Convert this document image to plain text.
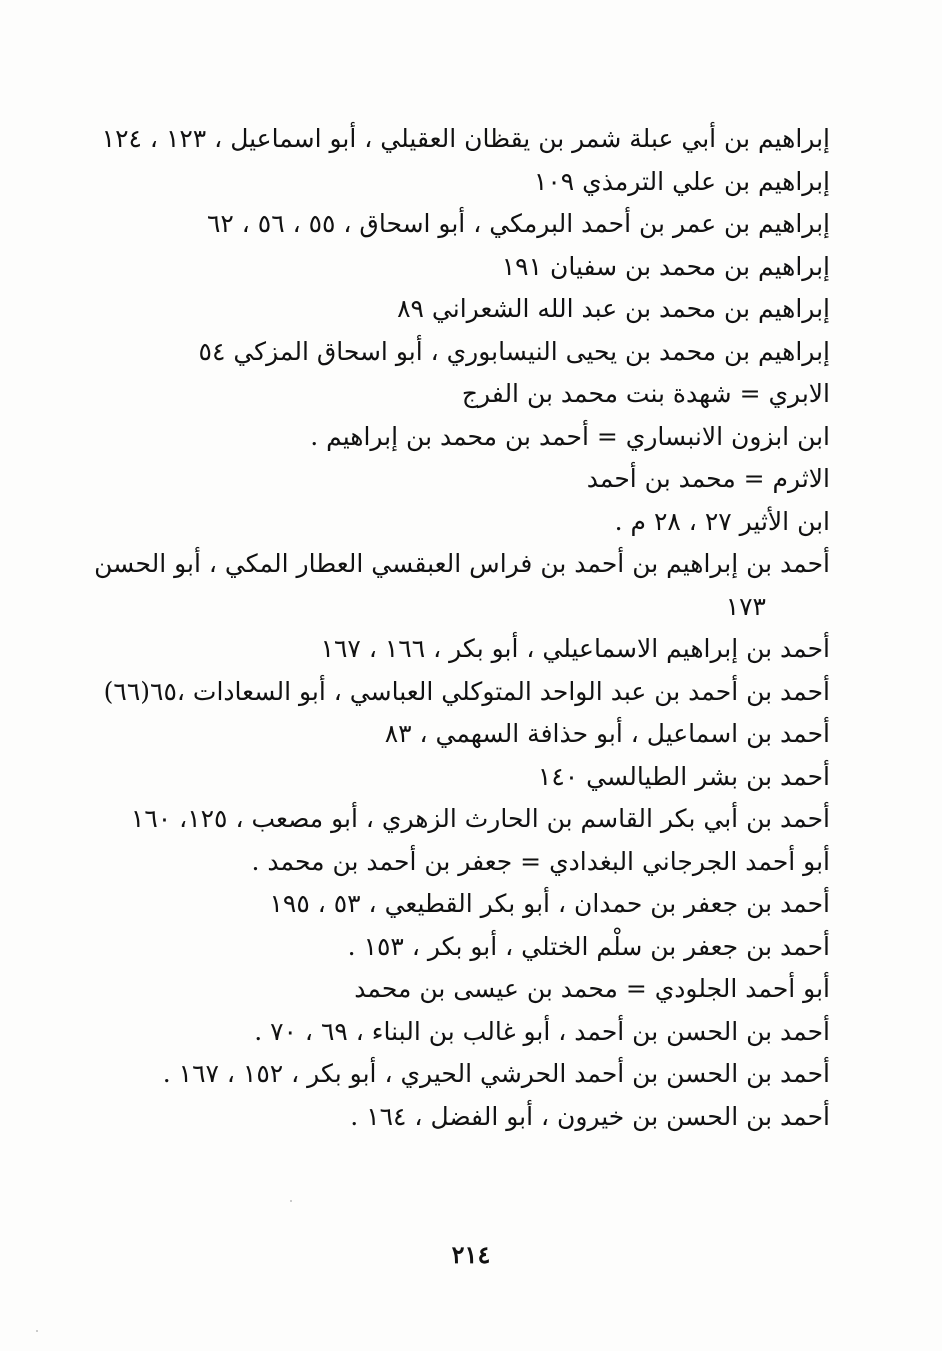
إبراهيم بن أبي عبلة شمر بن يقظان العقيلي ، أبو اسماعيل ، ١٢٣ ، ١٢٤
إبراهيم بن علي الترمذي ١٠٩
إبراهيم بن عمر بن أحمد البرمكي ، أبو اسحاق ، ٥٥ ، ٥٦ ، ٦٢
إبراهيم بن محمد بن سفيان ١٩١
إبراهيم بن محمد بن عبد الله الشعراني ٨٩
إبراهيم بن محمد بن يحيى النيسابوري ، أبو اسحاق المزكي ٥٤
الابري = شهدة بنت محمد بن الفرج
ابن ابزون الانبساري = أحمد بن محمد بن إبراهيم .
الاثرم = محمد بن أحمد
ابن الأثير ٢٧ ، ٢٨ م .
أحمد بن إبراهيم بن أحمد بن فراس العبقسي العطار المكي ، أبو الحسن
١٧٣
أحمد بن إبراهيم الاسماعيلي ، أبو بكر ، ١٦٦ ، ١٦٧
أحمد بن أحمد بن عبد الواحد المتوكلي العباسي ، أبو السعادات ،٦٥(٦٦)
أحمد بن اسماعيل ، أبو حذافة السهمي ، ٨٣
أحمد بن بشر الطيالسي ١٤٠
أحمد بن أبي بكر القاسم بن الحارث الزهري ، أبو مصعب ، ١٢٥، ١٦٠
أبو أحمد الجرجاني البغدادي = جعفر بن أحمد بن محمد .
أحمد بن جعفر بن حمدان ، أبو بكر القطيعي ، ٥٣ ، ١٩٥
أحمد بن جعفر بن سلْم الختلي ، أبو بكر ، ١٥٣ .
أبو أحمد الجلودي = محمد بن عيسى بن محمد
أحمد بن الحسن بن أحمد ، أبو غالب بن البناء ، ٦٩ ، ٧٠ .
أحمد بن الحسن بن أحمد الحرشي الحيري ، أبو بكر ، ١٥٢ ، ١٦٧ .
أحمد بن الحسن بن خيرون ، أبو الفضل ، ١٦٤ .
٢١٤
